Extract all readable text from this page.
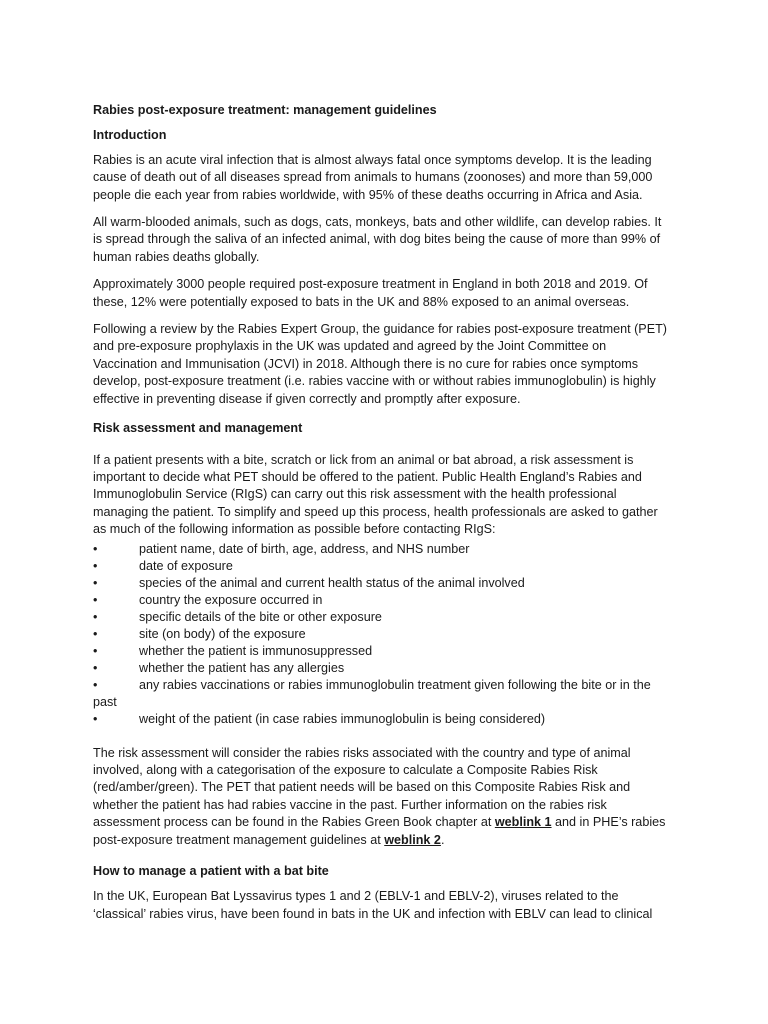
Rabies post-exposure treatment: management guidelines
Introduction

Rabies is an acute viral infection that is almost always fatal once symptoms develop. It is the leading cause of death out of all diseases spread from animals to humans (zoonoses) and more than 59,000 people die each year from rabies worldwide, with 95% of these deaths occurring in Africa and Asia.

All warm-blooded animals, such as dogs, cats, monkeys, bats and other wildlife, can develop rabies. It is spread through the saliva of an infected animal, with dog bites being the cause of more than 99% of human rabies deaths globally.

Approximately 3000 people required post-exposure treatment in England in both 2018 and 2019. Of these, 12% were potentially exposed to bats in the UK and 88% exposed to an animal overseas.

Following a review by the Rabies Expert Group, the guidance for rabies post-exposure treatment (PET) and pre-exposure prophylaxis in the UK was updated and agreed by the Joint Committee on Vaccination and Immunisation (JCVI) in 2018. Although there is no cure for rabies once symptoms develop, post-exposure treatment (i.e. rabies vaccine with or without rabies immunoglobulin) is highly effective in preventing disease if given correctly and promptly after exposure.

Risk assessment and management

If a patient presents with a bite, scratch or lick from an animal or bat abroad, a risk assessment is important to decide what PET should be offered to the patient. Public Health England’s Rabies and Immunoglobulin Service (RIgS) can carry out this risk assessment with the health professional managing the patient. To simplify and speed up this process, health professionals are asked to gather as much of the following information as possible before contacting RIgS:

•	patient name, date of birth, age, address, and NHS number
•	date of exposure
•	species of the animal and current health status of the animal involved
•	country the exposure occurred in
•	specific details of the bite or other exposure
•	site (on body) of the exposure
•	whether the patient is immunosuppressed
•	whether the patient has any allergies
•	any rabies vaccinations or rabies immunoglobulin treatment given following the bite or in the past
•	weight of the patient (in case rabies immunoglobulin is being considered)

The risk assessment will consider the rabies risks associated with the country and type of animal involved, along with a categorisation of the exposure to calculate a Composite Rabies Risk (red/amber/green). The PET that patient needs will be based on this Composite Rabies Risk and whether the patient has had rabies vaccine in the past. Further information on the rabies risk assessment process can be found in the Rabies Green Book chapter at weblink 1 and in PHE’s rabies post-exposure treatment management guidelines at weblink 2.

How to manage a patient with a bat bite

In the UK, European Bat Lyssavirus types 1 and 2 (EBLV-1 and EBLV-2), viruses related to the ‘classical’ rabies virus, have been found in bats in the UK and infection with EBLV can lead to clinical
